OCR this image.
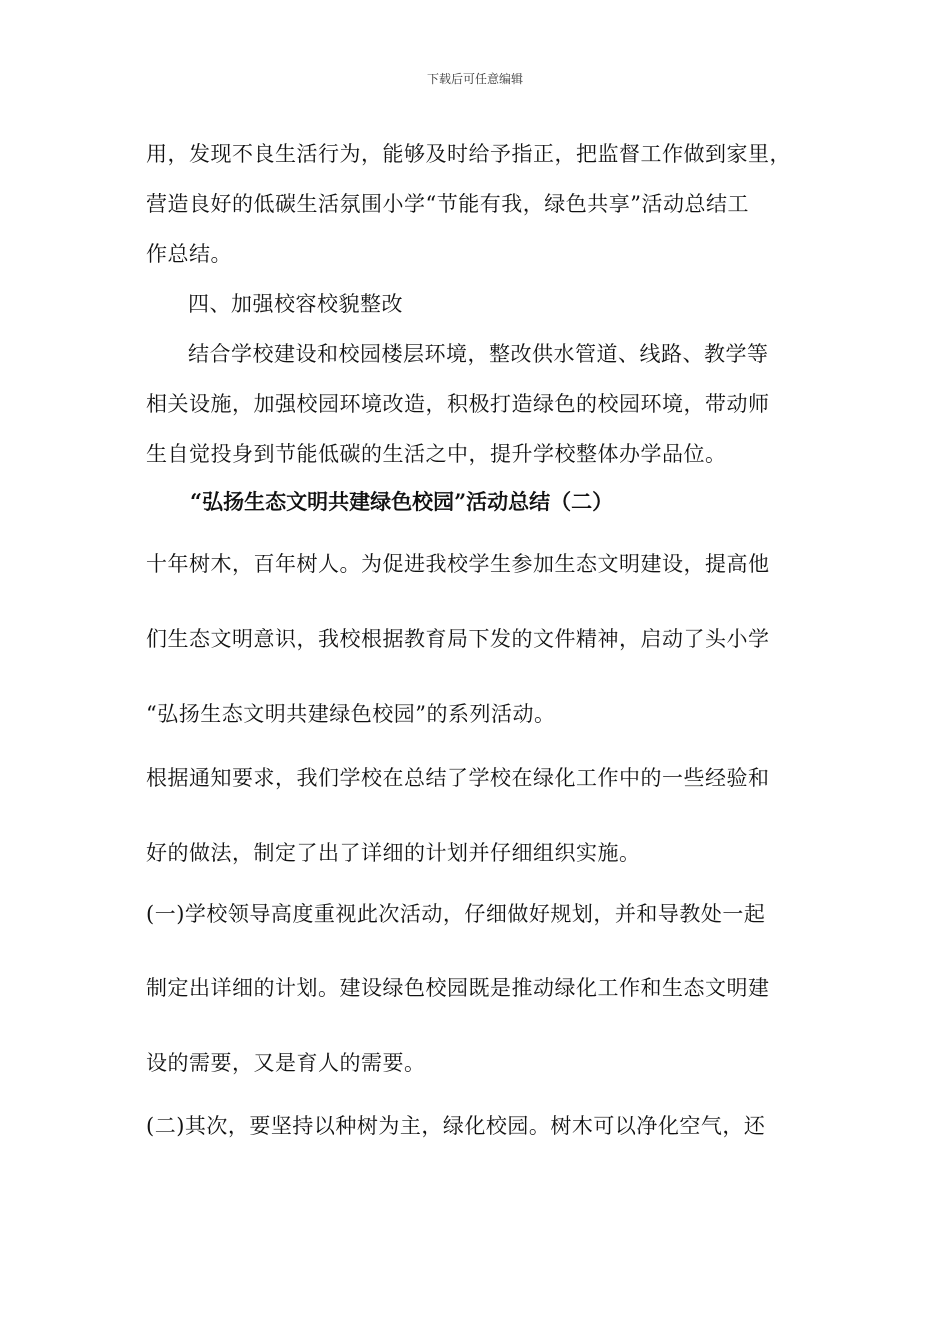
下载后可任意编辑
用，发现不良生活行为，能够及时给予指正，把监督工作做到家里，
营造良好的低碳生活氛围小学“节能有我，绿色共享”活动总结工
作总结。
四、加强校容校貌整改
结合学校建设和校园楼层环境，整改供水管道、线路、教学等
相关设施，加强校园环境改造，积极打造绿色的校园环境，带动师
生自觉投身到节能低碳的生活之中，提升学校整体办学品位。
“弘扬生态文明共建绿色校园”活动总结（二）
十年树木，百年树人。为促进我校学生参加生态文明建设，提高他
们生态文明意识，我校根据教育局下发的文件精神，启动了头小学
“弘扬生态文明共建绿色校园”的系列活动。
根据通知要求，我们学校在总结了学校在绿化工作中的一些经验和
好的做法，制定了出了详细的计划并仔细组织实施。
(一)学校领导高度重视此次活动，仔细做好规划，并和导教处一起
制定出详细的计划。建设绿色校园既是推动绿化工作和生态文明建
设的需要，又是育人的需要。
(二)其次，要坚持以种树为主，绿化校园。树木可以净化空气，还
